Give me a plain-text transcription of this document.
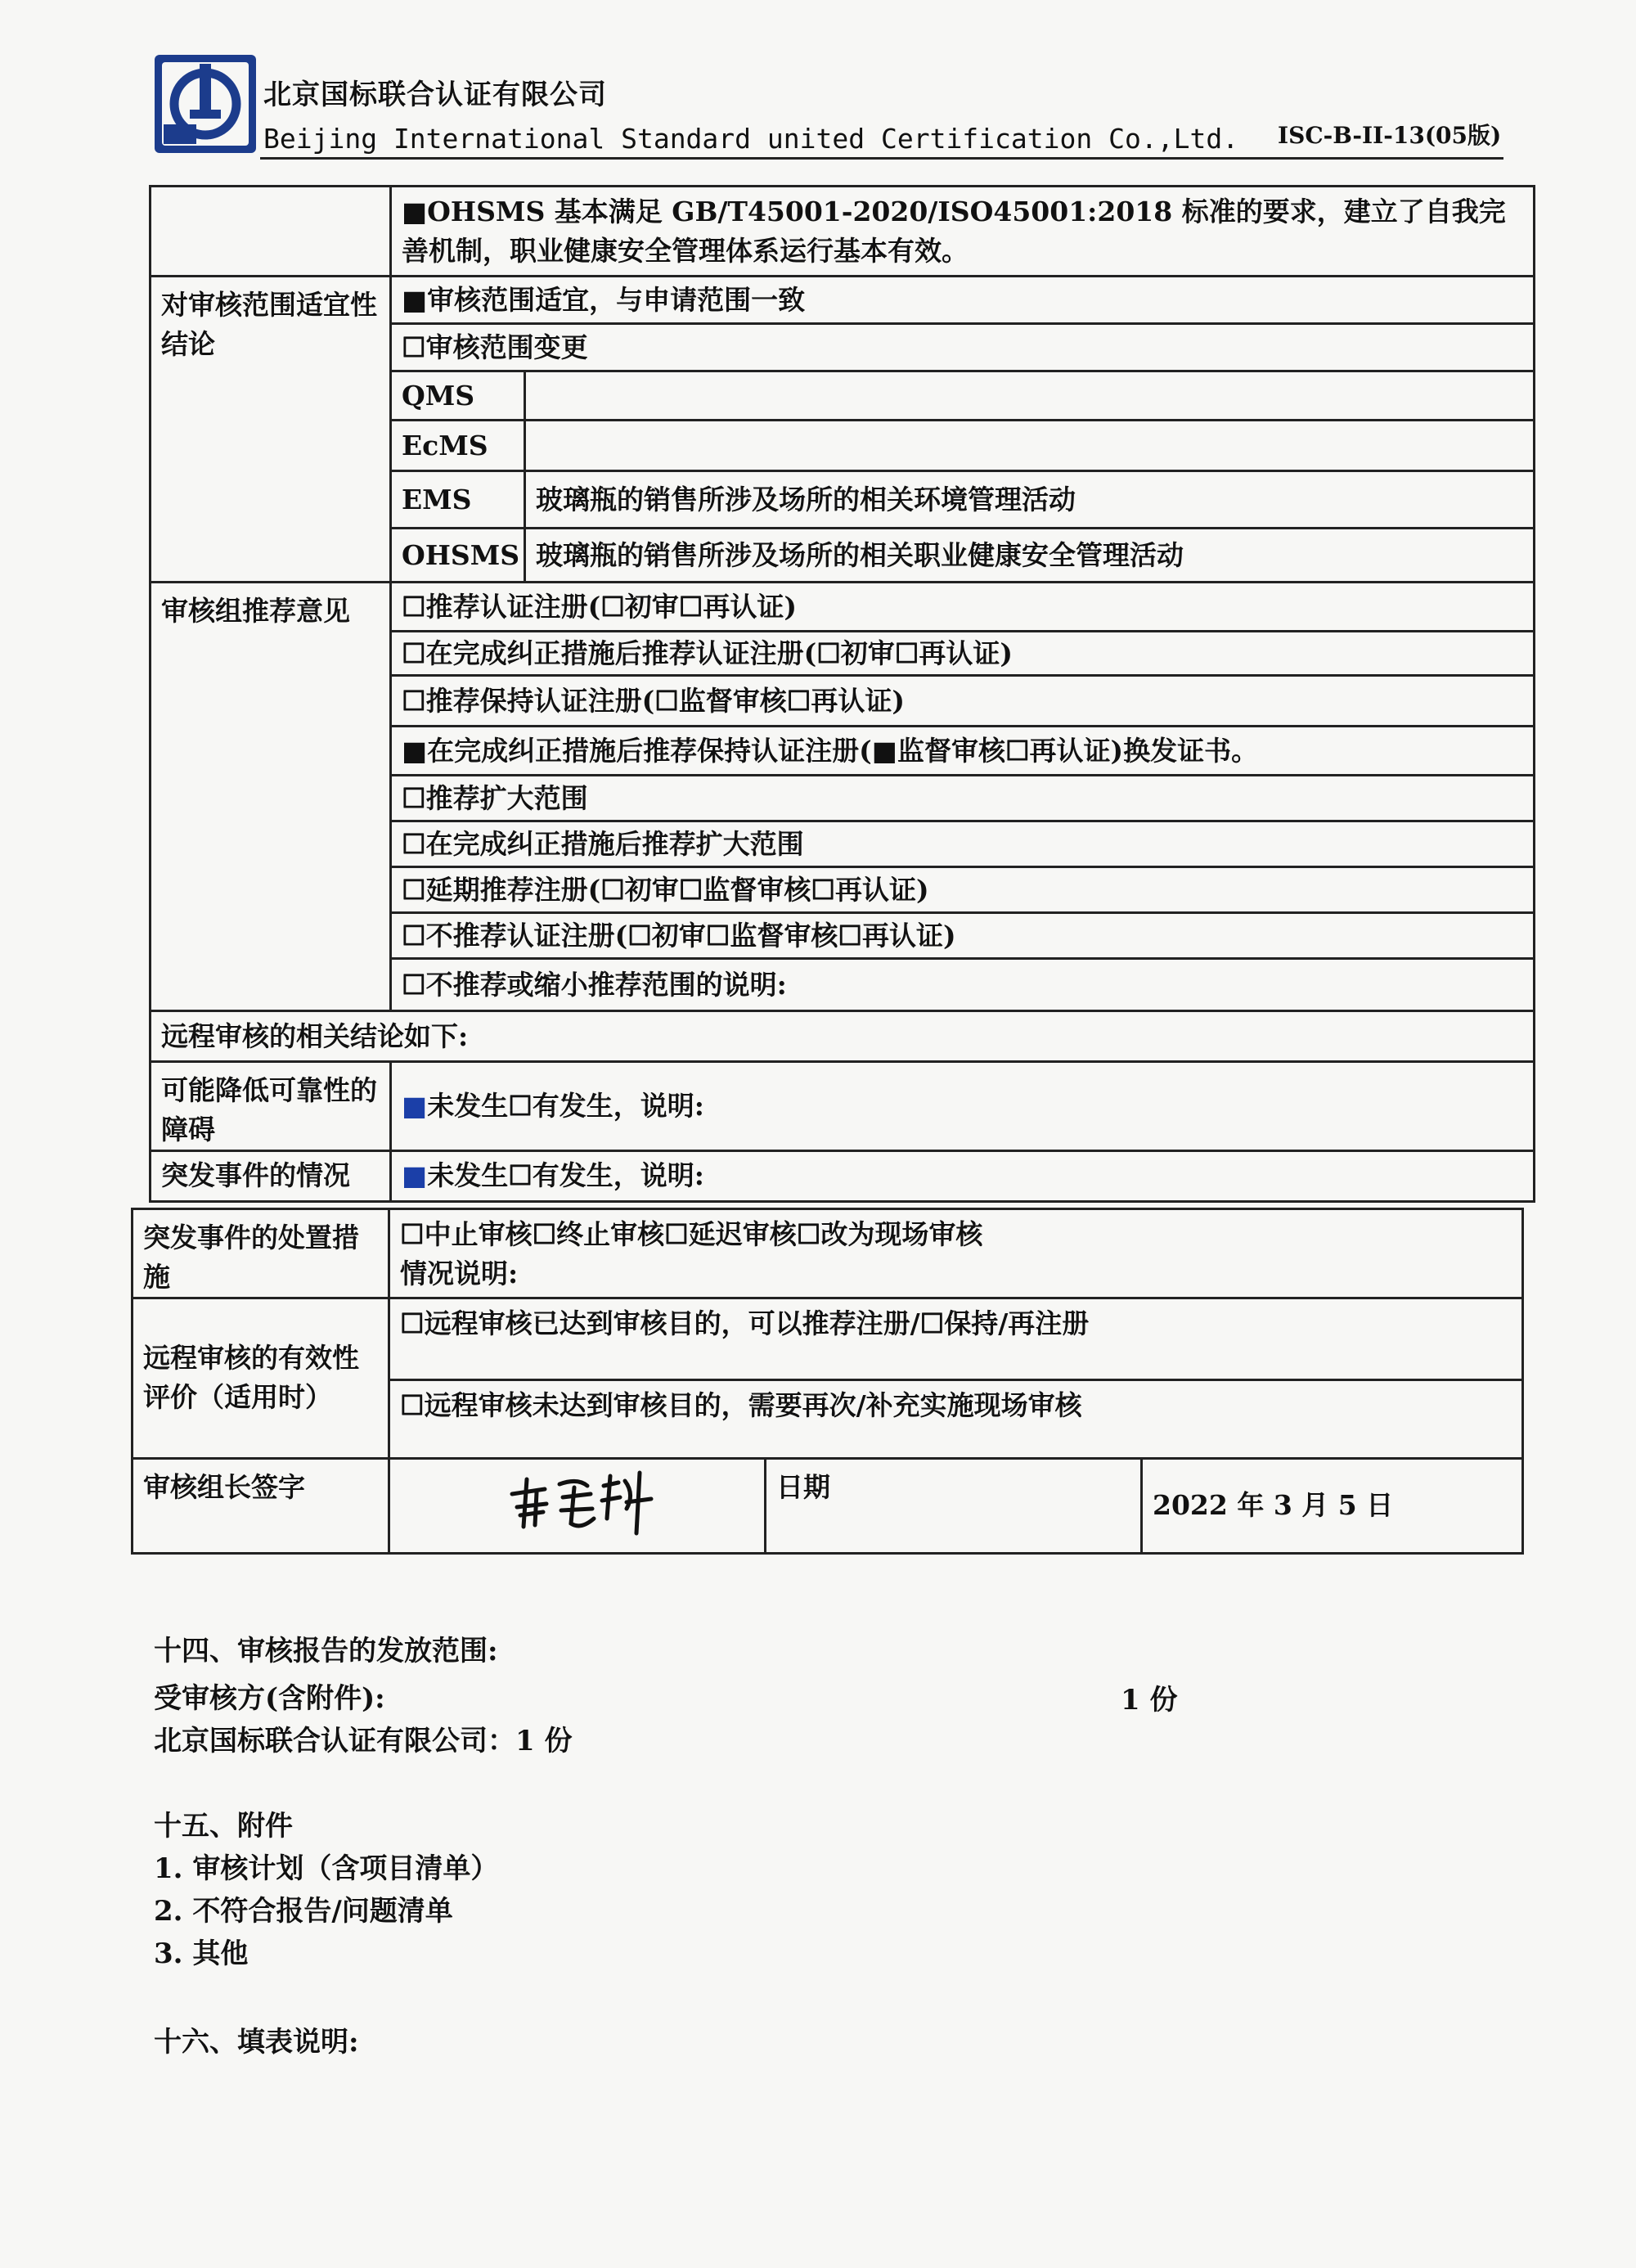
北京国标联合认证有限公司
Beijing International Standard united Certification Co.,Ltd. ISC-B-II-13(05版)
	■OHSMS 基本满足 GB/T45001-2020/ISO45001:2018 标准的要求，建立了自我完善机制，职业健康安全管理体系运行基本有效。	
对审核范围适宜性结论	■审核范围适宜，与申请范围一致	
	☐审核范围变更	
	QMS	
	EcMS	
	EMS	玻璃瓶的销售所涉及场所的相关环境管理活动
	OHSMS	玻璃瓶的销售所涉及场所的相关职业健康安全管理活动
审核组推荐意见	☐推荐认证注册(☐初审☐再认证)	
	☐在完成纠正措施后推荐认证注册(☐初审☐再认证)	
	☐推荐保持认证注册(☐监督审核☐再认证)	
	■在完成纠正措施后推荐保持认证注册(■监督审核☐再认证)换发证书。	
	☐推荐扩大范围	
	☐在完成纠正措施后推荐扩大范围	
	☐延期推荐注册(☐初审☐监督审核☐再认证)	
	☐不推荐认证注册(☐初审☐监督审核☐再认证)	
	☐不推荐或缩小推荐范围的说明:	
远程审核的相关结论如下:		
可能降低可靠性的障碍	■未发生☐有发生，说明:	
突发事件的情况	■未发生☐有发生，说明:	
突发事件的处置措施	☐中止审核☐终止审核☐延迟审核☐改为现场审核
情况说明:		

远程审核的有效性评价（适用时）	☐远程审核已达到审核目的，可以推荐注册/☐保持/再注册		
	☐远程审核未达到审核目的，需要再次/补充实施现场审核		
审核组长签字		日期	2022 年 3 月 5 日
十四、审核报告的发放范围:
受审核方(含附件):	1 份
北京国标联合认证有限公司：1 份
十五、附件
1. 审核计划（含项目清单）
2. 不符合报告/问题清单
3. 其他
十六、填表说明:
